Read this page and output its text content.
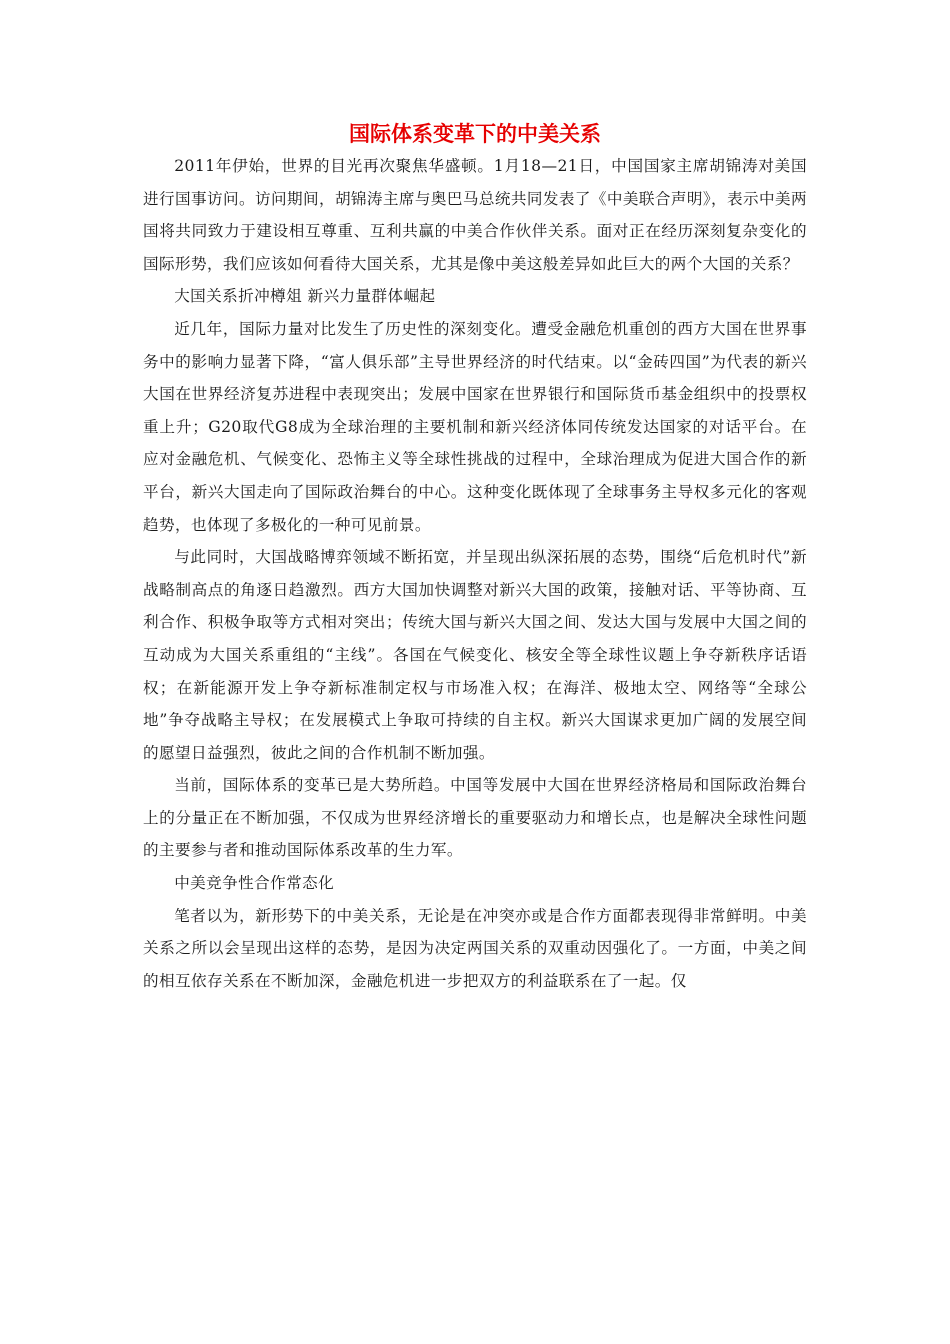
国际体系变革下的中美关系

2011年伊始，世界的目光再次聚焦华盛顿。1月18—21日，中国国家主席胡锦涛对美国进行国事访问。访问期间，胡锦涛主席与奥巴马总统共同发表了《中美联合声明》，表示中美两国将共同致力于建设相互尊重、互利共赢的中美合作伙伴关系。面对正在经历深刻复杂变化的国际形势，我们应该如何看待大国关系，尤其是像中美这般差异如此巨大的两个大国的关系？

大国关系折冲樽俎 新兴力量群体崛起

近几年，国际力量对比发生了历史性的深刻变化。遭受金融危机重创的西方大国在世界事务中的影响力显著下降，“富人俱乐部”主导世界经济的时代结束。以“金砖四国”为代表的新兴大国在世界经济复苏进程中表现突出；发展中国家在世界银行和国际货币基金组织中的投票权重上升；G20取代G8成为全球治理的主要机制和新兴经济体同传统发达国家的对话平台。在应对金融危机、气候变化、恐怖主义等全球性挑战的过程中，全球治理成为促进大国合作的新平台，新兴大国走向了国际政治舞台的中心。这种变化既体现了全球事务主导权多元化的客观趋势，也体现了多极化的一种可见前景。

与此同时，大国战略博弈领域不断拓宽，并呈现出纵深拓展的态势，围绕“后危机时代”新战略制高点的角逐日趋激烈。西方大国加快调整对新兴大国的政策，接触对话、平等协商、互利合作、积极争取等方式相对突出；传统大国与新兴大国之间、发达大国与发展中大国之间的互动成为大国关系重组的“主线”。各国在气候变化、核安全等全球性议题上争夺新秩序话语权；在新能源开发上争夺新标准制定权与市场准入权；在海洋、极地太空、网络等“全球公地”争夺战略主导权；在发展模式上争取可持续的自主权。新兴大国谋求更加广阔的发展空间的愿望日益强烈，彼此之间的合作机制不断加强。

当前，国际体系的变革已是大势所趋。中国等发展中大国在世界经济格局和国际政治舞台上的分量正在不断加强，不仅成为世界经济增长的重要驱动力和增长点，也是解决全球性问题的主要参与者和推动国际体系改革的生力军。

中美竞争性合作常态化

笔者以为，新形势下的中美关系，无论是在冲突亦或是合作方面都表现得非常鲜明。中美关系之所以会呈现出这样的态势，是因为决定两国关系的双重动因强化了。一方面，中美之间的相互依存关系在不断加深，金融危机进一步把双方的利益联系在了一起。仅
